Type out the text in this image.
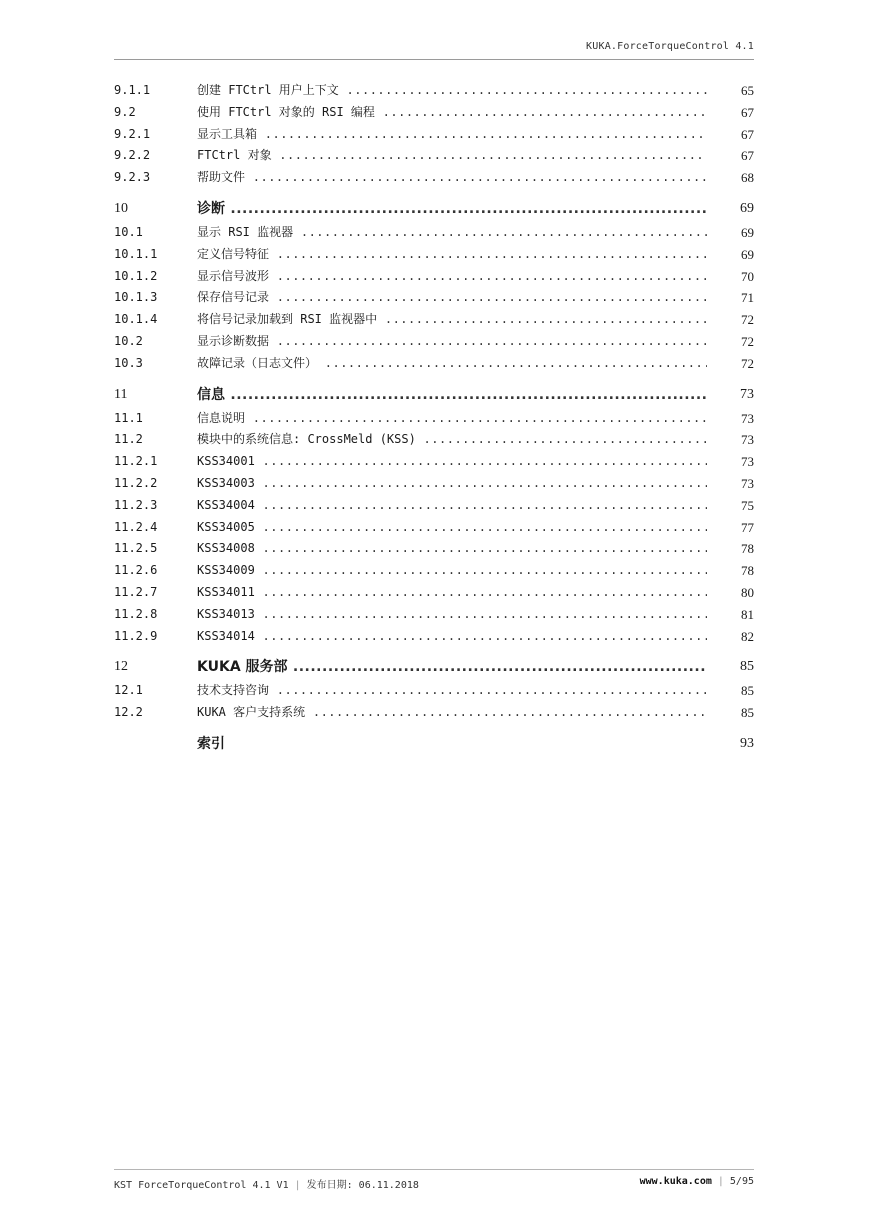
KUKA.ForceTorqueControl 4.1
9.1.1	创建 FTCtrl 用户上下文 .....	65
9.2	使用 FTCtrl 对象的 RSI 编程 .....	67
9.2.1	显示工具箱 .....	67
9.2.2	FTCtrl 对象 .....	67
9.2.3	帮助文件 .....	68
10	诊断 .....	69
10.1	显示 RSI 监视器 .....	69
10.1.1	定义信号特征 .....	69
10.1.2	显示信号波形 .....	70
10.1.3	保存信号记录 .....	71
10.1.4	将信号记录加载到 RSI 监视器中 .....	72
10.2	显示诊断数据 .....	72
10.3	故障记录（日志文件） .....	72
11	信息 .....	73
11.1	信息说明 .....	73
11.2	模块中的系统信息: CrossMeld (KSS) .....	73
11.2.1	KSS34001 .....	73
11.2.2	KSS34003 .....	73
11.2.3	KSS34004 .....	75
11.2.4	KSS34005 .....	77
11.2.5	KSS34008 .....	78
11.2.6	KSS34009 .....	78
11.2.7	KSS34011 .....	80
11.2.8	KSS34013 .....	81
11.2.9	KSS34014 .....	82
12	KUKA 服务部 .....	85
12.1	技术支持咨询 .....	85
12.2	KUKA 客户支持系统 .....	85
索引	93
KST ForceTorqueControl 4.1 V1 | 发布日期: 06.11.2018	www.kuka.com | 5/95
